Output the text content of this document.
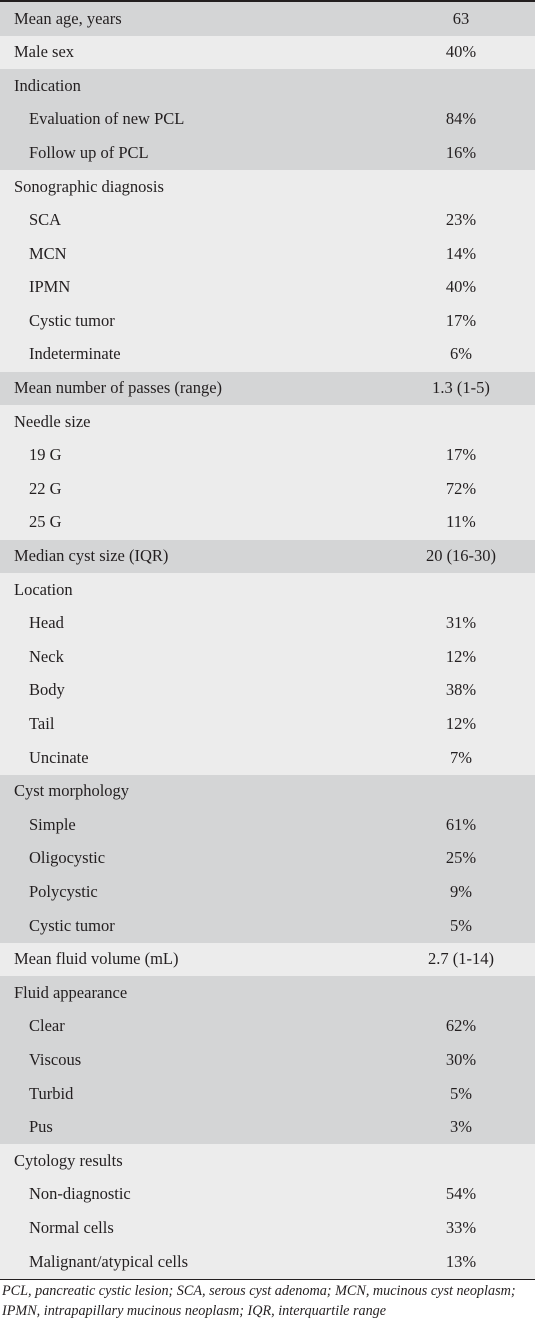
Mean age, years	63
Male sex	40%
Indication
Evaluation of new PCL	84%
Follow up of PCL	16%
Sonographic diagnosis
SCA	23%
MCN	14%
IPMN	40%
Cystic tumor	17%
Indeterminate	6%
Mean number of passes (range)	1.3 (1-5)
Needle size
19 G	17%
22 G	72%
25 G	11%
Median cyst size (IQR)	20 (16-30)
Location
Head	31%
Neck	12%
Body	38%
Tail	12%
Uncinate	7%
Cyst morphology
Simple	61%
Oligocystic	25%
Polycystic	9%
Cystic tumor	5%
Mean fluid volume (mL)	2.7 (1-14)
Fluid appearance
Clear	62%
Viscous	30%
Turbid	5%
Pus	3%
Cytology results
Non-diagnostic	54%
Normal cells	33%
Malignant/atypical cells	13%
PCL, pancreatic cystic lesion; SCA, serous cyst adenoma; MCN, mucinous cyst neoplasm; IPMN, intrapapillary mucinous neoplasm; IQR, interquartile range
